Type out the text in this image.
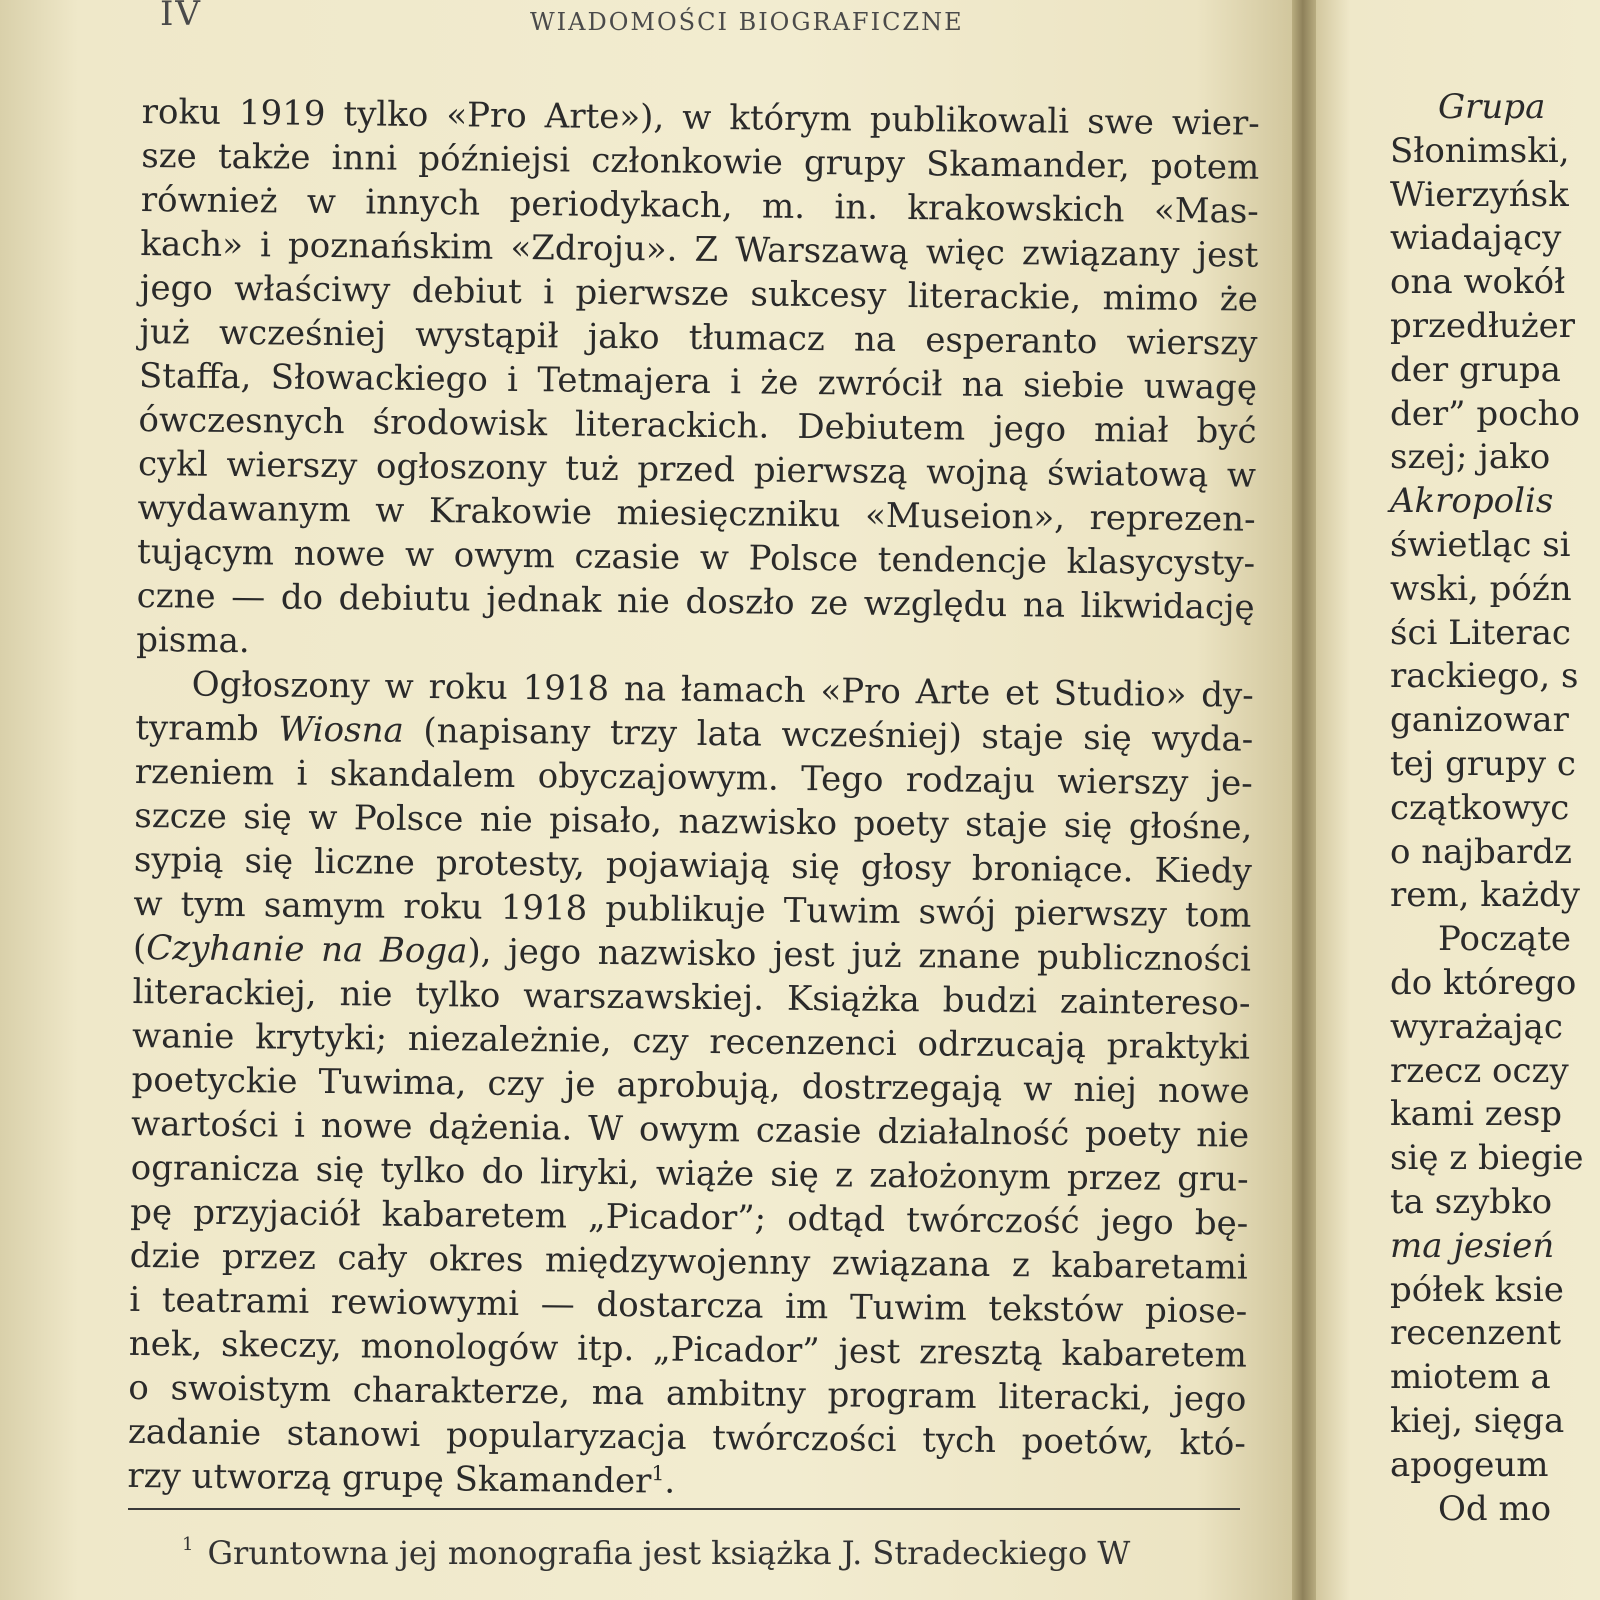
IV	WIADOMOŚCI BIOGRAFICZNE

roku 1919 tylko «Pro Arte»), w którym publikowali swe wier-
sze także inni późniejsi członkowie grupy Skamander, potem
również w innych periodykach, m. in. krakowskich «Mas-
kach» i poznańskim «Zdroju». Z Warszawą więc związany jest
jego właściwy debiut i pierwsze sukcesy literackie, mimo że
już wcześniej wystąpił jako tłumacz na esperanto wierszy
Staffa, Słowackiego i Tetmajera i że zwrócił na siebie uwagę
ówczesnych środowisk literackich. Debiutem jego miał być
cykl wierszy ogłoszony tuż przed pierwszą wojną światową w
wydawanym w Krakowie miesięczniku «Museion», reprezen-
tującym nowe w owym czasie w Polsce tendencje klasycysty-
czne — do debiutu jednak nie doszło ze względu na likwidację
pisma.

Ogłoszony w roku 1918 na łamach «Pro Arte et Studio» dy-
tyramb Wiosna (napisany trzy lata wcześniej) staje się wyda-
rzeniem i skandalem obyczajowym. Tego rodzaju wierszy je-
szcze się w Polsce nie pisało, nazwisko poety staje się głośne,
sypią się liczne protesty, pojawiają się głosy broniące. Kiedy
w tym samym roku 1918 publikuje Tuwim swój pierwszy tom
(Czyhanie na Boga), jego nazwisko jest już znane publiczności
literackiej, nie tylko warszawskiej. Książka budzi zaintereso-
wanie krytyki; niezależnie, czy recenzenci odrzucają praktyki
poetyckie Tuwima, czy je aprobują, dostrzegają w niej nowe
wartości i nowe dążenia. W owym czasie działalność poety nie
ogranicza się tylko do liryki, wiąże się z założonym przez gru-
pę przyjaciół kabaretem „Picador”; odtąd twórczość jego bę-
dzie przez cały okres międzywojenny związana z kabaretami
i teatrami rewiowymi — dostarcza im Tuwim tekstów piose-
nek, skeczy, monologów itp. „Picador” jest zresztą kabaretem
o swoistym charakterze, ma ambitny program literacki, jego
zadanie stanowi popularyzacja twórczości tych poetów, któ-
rzy utworzą grupę Skamander$^1$.

$^1$ Gruntowna jej monografia jest książka J. Stradeckiego W
Grupa
Słonimski,
Wierzyńsk
wiadający
ona wokół
przedłużer
der grupa
der” pocho
szej; jako
Akropolis
świetląc si
wski, późn
ści Literac
rackiego, s
ganizowar
tej grupy c
czątkowyc
o najbardz
rem, każdy
Począte
do którego
wyrażając
rzecz oczy
kami zesp
się z biegie
ta szybko
ma jesień
półek ksie
recenzent
miotem a
kiej, sięga
apogeum
Od mo
